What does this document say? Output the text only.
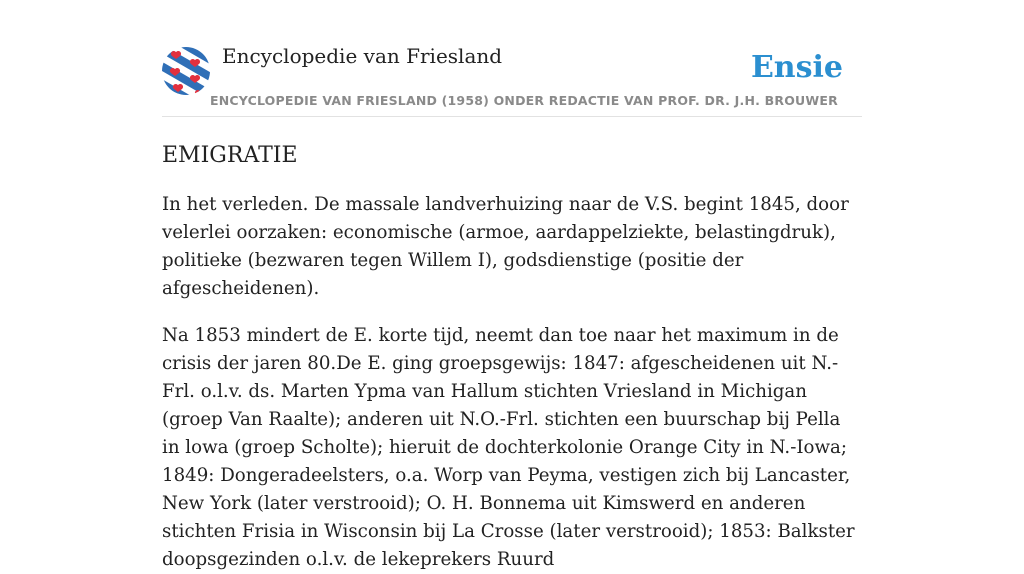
Encyclopedie van Friesland
ENCYCLOPEDIE VAN FRIESLAND (1958) ONDER REDACTIE VAN PROF. DR. J.H. BROUWER
Ensie
EMIGRATIE

In het verleden. De massale landverhuizing naar de V.S. begint 1845, door velerlei oorzaken: economische (armoe, aardappelziekte, belastingdruk), politieke (bezwaren tegen Willem I), godsdienstige (positie der afgescheidenen).

Na 1853 mindert de E. korte tijd, neemt dan toe naar het maximum in de crisis der jaren 80.De E. ging groepsgewijs: 1847: afgescheidenen uit N.-Frl. o.l.v. ds. Marten Ypma van Hallum stichten Vriesland in Michigan (groep Van Raalte); anderen uit N.O.-Frl. stichten een buurschap bij Pella in lowa (groep Scholte); hieruit de dochterkolonie Orange City in N.-Iowa; 1849: Dongeradeelsters, o.a. Worp van Peyma, vestigen zich bij Lancaster, New York (later verstrooid); O. H. Bonnema uit Kimswerd en anderen stichten Frisia in Wisconsin bij La Crosse (later verstrooid); 1853: Balkster doopsgezinden o.l.v. de lekeprekers Ruurd
